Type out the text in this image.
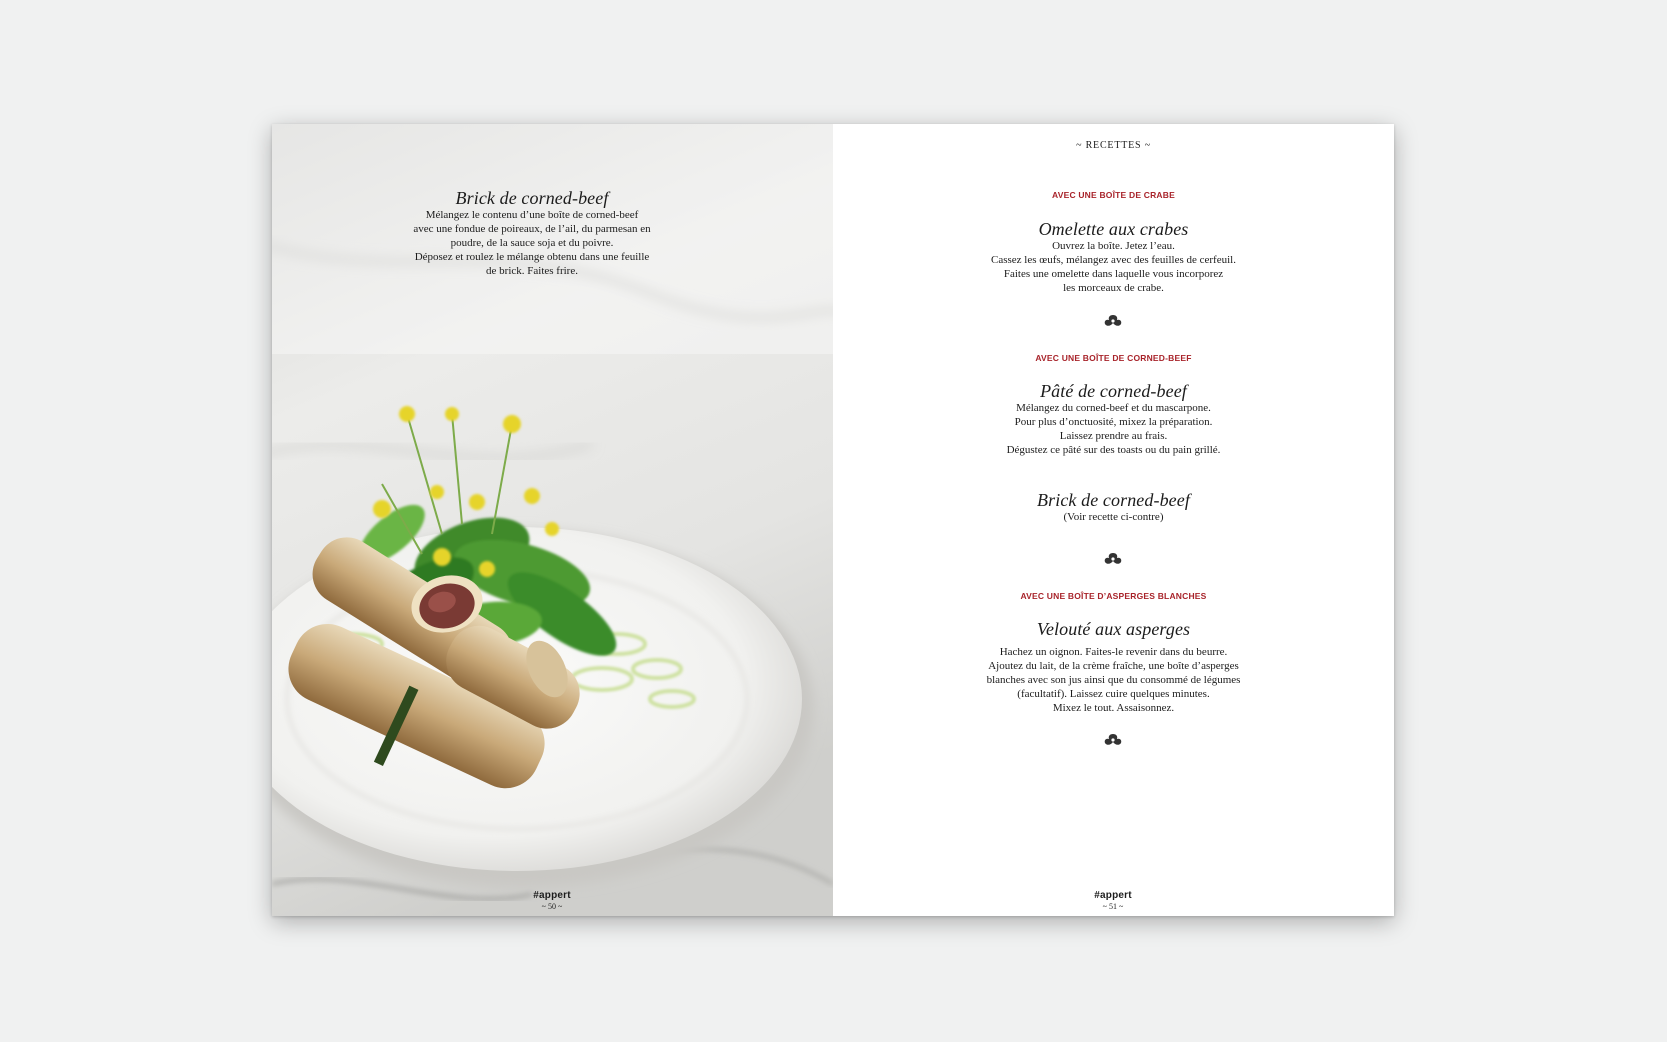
Brick de corned-beef

Mélangez le contenu d’une boîte de corned-beef
avec une fondue de poireaux, de l’ail, du parmesan en
poudre, de la sauce soja et du poivre.
Déposez et roulez le mélange obtenu dans une feuille
de brick. Faites frire.

#appert
~ 50 ~
~ RECETTES ~
AVEC UNE BOÎTE DE CRABE
Omelette aux crabes

Ouvrez la boîte. Jetez l’eau.
Cassez les œufs, mélangez avec des feuilles de cerfeuil.
Faites une omelette dans laquelle vous incorporez
les morceaux de crabe.

AVEC UNE BOÎTE DE CORNED-BEEF
Pâté de corned-beef

Mélangez du corned-beef et du mascarpone.
Pour plus d’onctuosité, mixez la préparation.
Laissez prendre au frais.
Dégustez ce pâté sur des toasts ou du pain grillé.

Brick de corned-beef

(Voir recette ci-contre)

AVEC UNE BOÎTE D’ASPERGES BLANCHES
Velouté aux asperges

Hachez un oignon. Faites-le revenir dans du beurre.
Ajoutez du lait, de la crème fraîche, une boîte d’asperges
blanches avec son jus ainsi que du consommé de légumes
(facultatif). Laissez cuire quelques minutes.
Mixez le tout. Assaisonnez.

#appert
~ 51 ~
